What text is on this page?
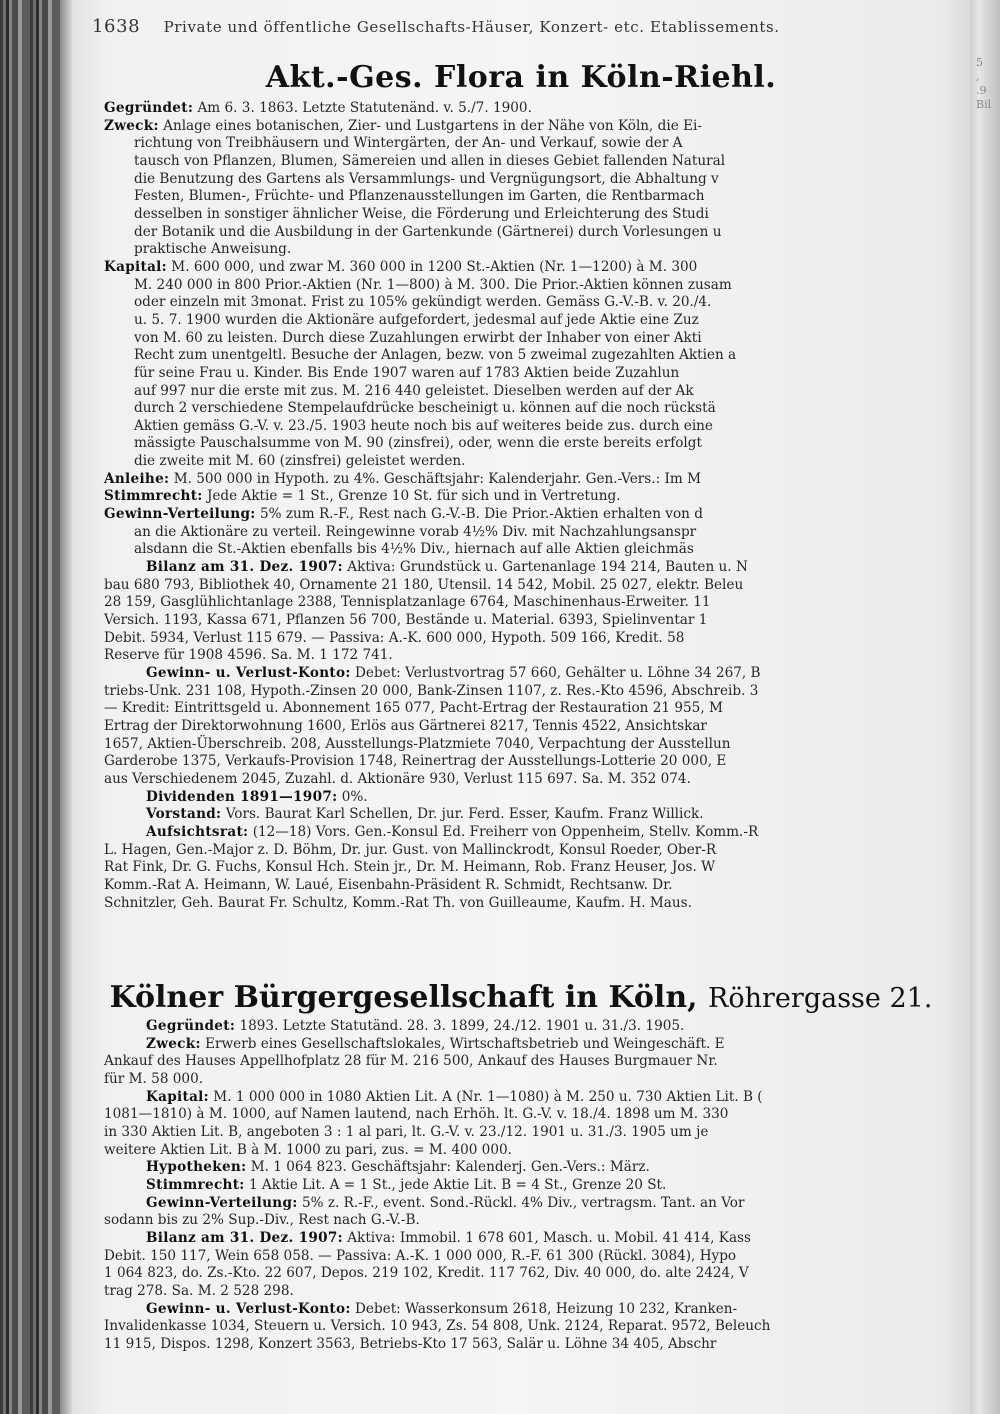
5
,
.9
Bil
1638 Private und öffentliche Gesellschafts-Häuser, Konzert- etc. Etablissements.
Akt.-Ges. Flora in Köln-Riehl.
Gegründet: Am 6. 3. 1863. Letzte Statutenänd. v. 5./7. 1900.
Zweck: Anlage eines botanischen, Zier- und Lustgartens in der Nähe von Köln, die Ei-
richtung von Treibhäusern und Wintergärten, der An- und Verkauf, sowie der A
tausch von Pflanzen, Blumen, Sämereien und allen in dieses Gebiet fallenden Natural
die Benutzung des Gartens als Versammlungs- und Vergnügungsort, die Abhaltung v
Festen, Blumen-, Früchte- und Pflanzenausstellungen im Garten, die Rentbarmach
desselben in sonstiger ähnlicher Weise, die Förderung und Erleichterung des Studi
der Botanik und die Ausbildung in der Gartenkunde (Gärtnerei) durch Vorlesungen u
praktische Anweisung.
Kapital: M. 600 000, und zwar M. 360 000 in 1200 St.-Aktien (Nr. 1—1200) à M. 300
M. 240 000 in 800 Prior.-Aktien (Nr. 1—800) à M. 300. Die Prior.-Aktien können zusam
oder einzeln mit 3monat. Frist zu 105% gekündigt werden. Gemäss G.-V.-B. v. 20./4.
u. 5. 7. 1900 wurden die Aktionäre aufgefordert, jedesmal auf jede Aktie eine Zuz
von M. 60 zu leisten. Durch diese Zuzahlungen erwirbt der Inhaber von einer Akti
Recht zum unentgeltl. Besuche der Anlagen, bezw. von 5 zweimal zugezahlten Aktien a
für seine Frau u. Kinder. Bis Ende 1907 waren auf 1783 Aktien beide Zuzahlun
auf 997 nur die erste mit zus. M. 216 440 geleistet. Dieselben werden auf der Ak
durch 2 verschiedene Stempelaufdrücke bescheinigt u. können auf die noch rückstä
Aktien gemäss G.-V. v. 23./5. 1903 heute noch bis auf weiteres beide zus. durch eine
mässigte Pauschalsumme von M. 90 (zinsfrei), oder, wenn die erste bereits erfolgt
die zweite mit M. 60 (zinsfrei) geleistet werden.
Anleihe: M. 500 000 in Hypoth. zu 4%. Geschäftsjahr: Kalenderjahr. Gen.-Vers.: Im M
Stimmrecht: Jede Aktie = 1 St., Grenze 10 St. für sich und in Vertretung.
Gewinn-Verteilung: 5% zum R.-F., Rest nach G.-V.-B. Die Prior.-Aktien erhalten von d
an die Aktionäre zu verteil. Reingewinne vorab 4½% Div. mit Nachzahlungsanspr
alsdann die St.-Aktien ebenfalls bis 4½% Div., hiernach auf alle Aktien gleichmäs
Bilanz am 31. Dez. 1907: Aktiva: Grundstück u. Gartenanlage 194 214, Bauten u. N
bau 680 793, Bibliothek 40, Ornamente 21 180, Utensil. 14 542, Mobil. 25 027, elektr. Beleu
28 159, Gasglühlichtanlage 2388, Tennisplatzanlage 6764, Maschinenhaus-Erweiter. 11
Versich. 1193, Kassa 671, Pflanzen 56 700, Bestände u. Material. 6393, Spielinventar 1
Debit. 5934, Verlust 115 679. — Passiva: A.-K. 600 000, Hypoth. 509 166, Kredit. 58
Reserve für 1908 4596. Sa. M. 1 172 741.
Gewinn- u. Verlust-Konto: Debet: Verlustvortrag 57 660, Gehälter u. Löhne 34 267, B
triebs-Unk. 231 108, Hypoth.-Zinsen 20 000, Bank-Zinsen 1107, z. Res.-Kto 4596, Abschreib. 3
— Kredit: Eintrittsgeld u. Abonnement 165 077, Pacht-Ertrag der Restauration 21 955, M
Ertrag der Direktorwohnung 1600, Erlös aus Gärtnerei 8217, Tennis 4522, Ansichtskar
1657, Aktien-Überschreib. 208, Ausstellungs-Platzmiete 7040, Verpachtung der Ausstellun
Garderobe 1375, Verkaufs-Provision 1748, Reinertrag der Ausstellungs-Lotterie 20 000, E
aus Verschiedenem 2045, Zuzahl. d. Aktionäre 930, Verlust 115 697. Sa. M. 352 074.
Dividenden 1891—1907: 0%.
Vorstand: Vors. Baurat Karl Schellen, Dr. jur. Ferd. Esser, Kaufm. Franz Willick.
Aufsichtsrat: (12—18) Vors. Gen.-Konsul Ed. Freiherr von Oppenheim, Stellv. Komm.-R
L. Hagen, Gen.-Major z. D. Böhm, Dr. jur. Gust. von Mallinckrodt, Konsul Roeder, Ober-R
Rat Fink, Dr. G. Fuchs, Konsul Hch. Stein jr., Dr. M. Heimann, Rob. Franz Heuser, Jos. W
Komm.-Rat A. Heimann, W. Laué, Eisenbahn-Präsident R. Schmidt, Rechtsanw. Dr.
Schnitzler, Geh. Baurat Fr. Schultz, Komm.-Rat Th. von Guilleaume, Kaufm. H. Maus.
Kölner Bürgergesellschaft in Köln, Röhrergasse 21.
Gegründet: 1893. Letzte Statutänd. 28. 3. 1899, 24./12. 1901 u. 31./3. 1905.
Zweck: Erwerb eines Gesellschaftslokales, Wirtschaftsbetrieb und Weingeschäft. E
Ankauf des Hauses Appellhofplatz 28 für M. 216 500, Ankauf des Hauses Burgmauer Nr.
für M. 58 000.
Kapital: M. 1 000 000 in 1080 Aktien Lit. A (Nr. 1—1080) à M. 250 u. 730 Aktien Lit. B (
1081—1810) à M. 1000, auf Namen lautend, nach Erhöh. lt. G.-V. v. 18./4. 1898 um M. 330
in 330 Aktien Lit. B, angeboten 3 : 1 al pari, lt. G.-V. v. 23./12. 1901 u. 31./3. 1905 um je
weitere Aktien Lit. B à M. 1000 zu pari, zus. = M. 400 000.
Hypotheken: M. 1 064 823. Geschäftsjahr: Kalenderj. Gen.-Vers.: März.
Stimmrecht: 1 Aktie Lit. A = 1 St., jede Aktie Lit. B = 4 St., Grenze 20 St.
Gewinn-Verteilung: 5% z. R.-F., event. Sond.-Rückl. 4% Div., vertragsm. Tant. an Vor
sodann bis zu 2% Sup.-Div., Rest nach G.-V.-B.
Bilanz am 31. Dez. 1907: Aktiva: Immobil. 1 678 601, Masch. u. Mobil. 41 414, Kass
Debit. 150 117, Wein 658 058. — Passiva: A.-K. 1 000 000, R.-F. 61 300 (Rückl. 3084), Hypo
1 064 823, do. Zs.-Kto. 22 607, Depos. 219 102, Kredit. 117 762, Div. 40 000, do. alte 2424, V
trag 278. Sa. M. 2 528 298.
Gewinn- u. Verlust-Konto: Debet: Wasserkonsum 2618, Heizung 10 232, Kranken-
Invalidenkasse 1034, Steuern u. Versich. 10 943, Zs. 54 808, Unk. 2124, Reparat. 9572, Beleuch
11 915, Dispos. 1298, Konzert 3563, Betriebs-Kto 17 563, Salär u. Löhne 34 405, Abschr
